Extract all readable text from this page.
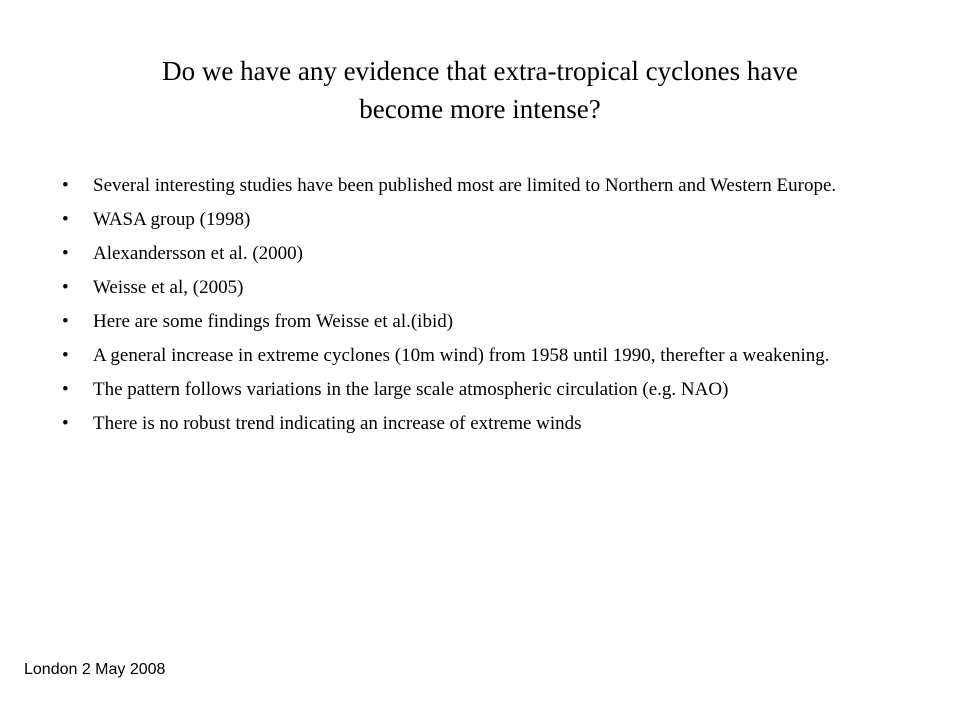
Do we have any evidence that extra-tropical cyclones have
become more intense?
• Several interesting studies have been published most are limited to Northern and Western Europe.
• WASA group (1998)
• Alexandersson et al. (2000)
• Weisse et al, (2005)
• Here are some findings from Weisse et al.(ibid)
• A general increase in extreme cyclones (10m wind) from 1958 until 1990, therefter a weakening.
• The pattern follows variations in the large scale atmospheric circulation (e.g. NAO)
• There is no robust trend indicating an increase of extreme winds
London 2 May 2008
